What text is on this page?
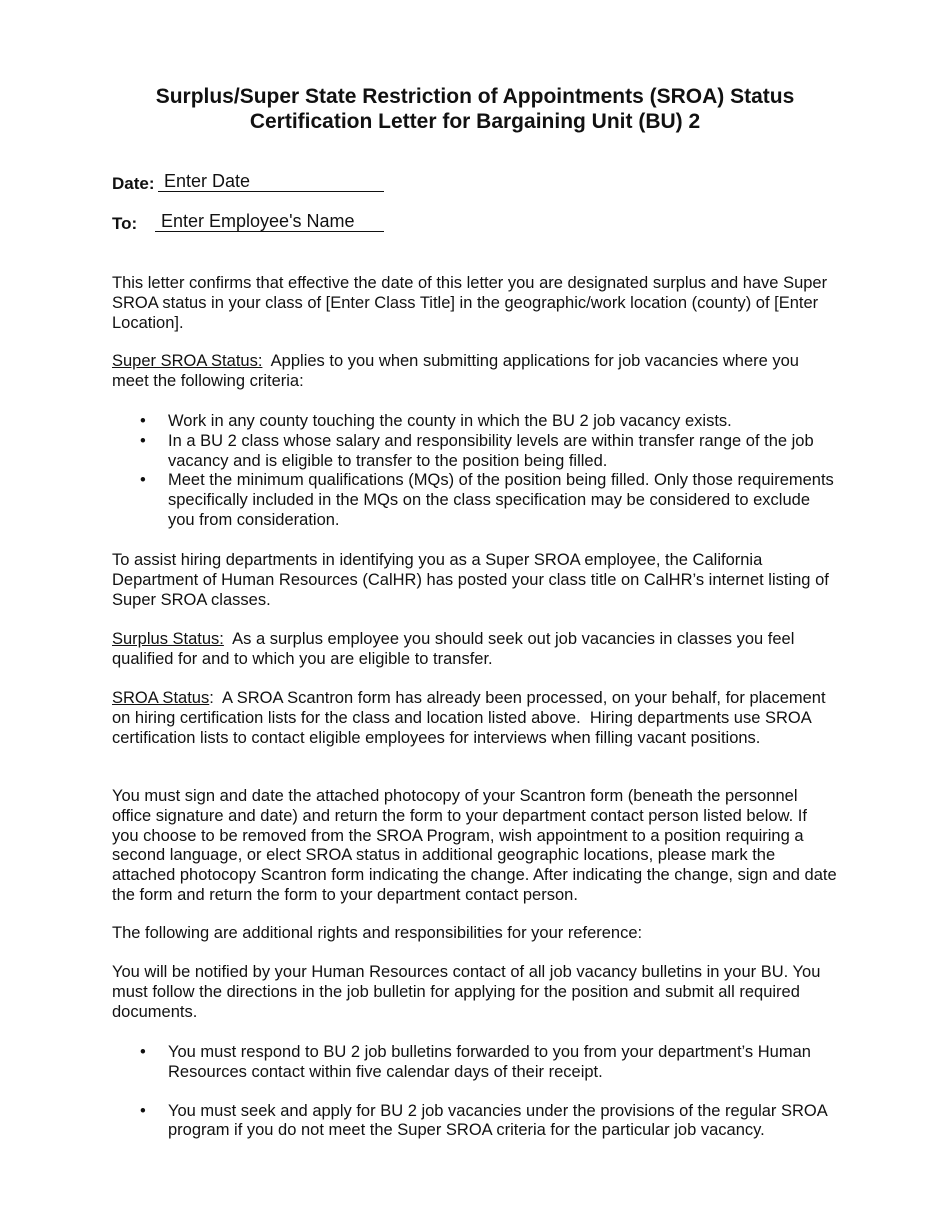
Surplus/Super State Restriction of Appointments (SROA) Status
Certification Letter for Bargaining Unit (BU) 2
Date:
Enter Date
To:
Enter Employee's Name

This letter confirms that effective the date of this letter you are designated surplus and have Super SROA status in your class of [Enter Class Title] in the geographic/work location (county) of [Enter Location].

Super SROA Status:  Applies to you when submitting applications for job vacancies where you meet the following criteria:

• Work in any county touching the county in which the BU 2 job vacancy exists.
• In a BU 2 class whose salary and responsibility levels are within transfer range of the job vacancy and is eligible to transfer to the position being filled.
• Meet the minimum qualifications (MQs) of the position being filled. Only those requirements specifically included in the MQs on the class specification may be considered to exclude you from consideration.

To assist hiring departments in identifying you as a Super SROA employee, the California Department of Human Resources (CalHR) has posted your class title on CalHR’s internet listing of Super SROA classes.

Surplus Status:  As a surplus employee you should seek out job vacancies in classes you feel qualified for and to which you are eligible to transfer.

SROA Status:  A SROA Scantron form has already been processed, on your behalf, for placement on hiring certification lists for the class and location listed above.  Hiring departments use SROA certification lists to contact eligible employees for interviews when filling vacant positions.

You must sign and date the attached photocopy of your Scantron form (beneath the personnel office signature and date) and return the form to your department contact person listed below. If you choose to be removed from the SROA Program, wish appointment to a position requiring a second language, or elect SROA status in additional geographic locations, please mark the attached photocopy Scantron form indicating the change. After indicating the change, sign and date the form and return the form to your department contact person.

The following are additional rights and responsibilities for your reference:

You will be notified by your Human Resources contact of all job vacancy bulletins in your BU. You must follow the directions in the job bulletin for applying for the position and submit all required documents.

• You must respond to BU 2 job bulletins forwarded to you from your department’s Human Resources contact within five calendar days of their receipt.
• You must seek and apply for BU 2 job vacancies under the provisions of the regular SROA program if you do not meet the Super SROA criteria for the particular job vacancy.
